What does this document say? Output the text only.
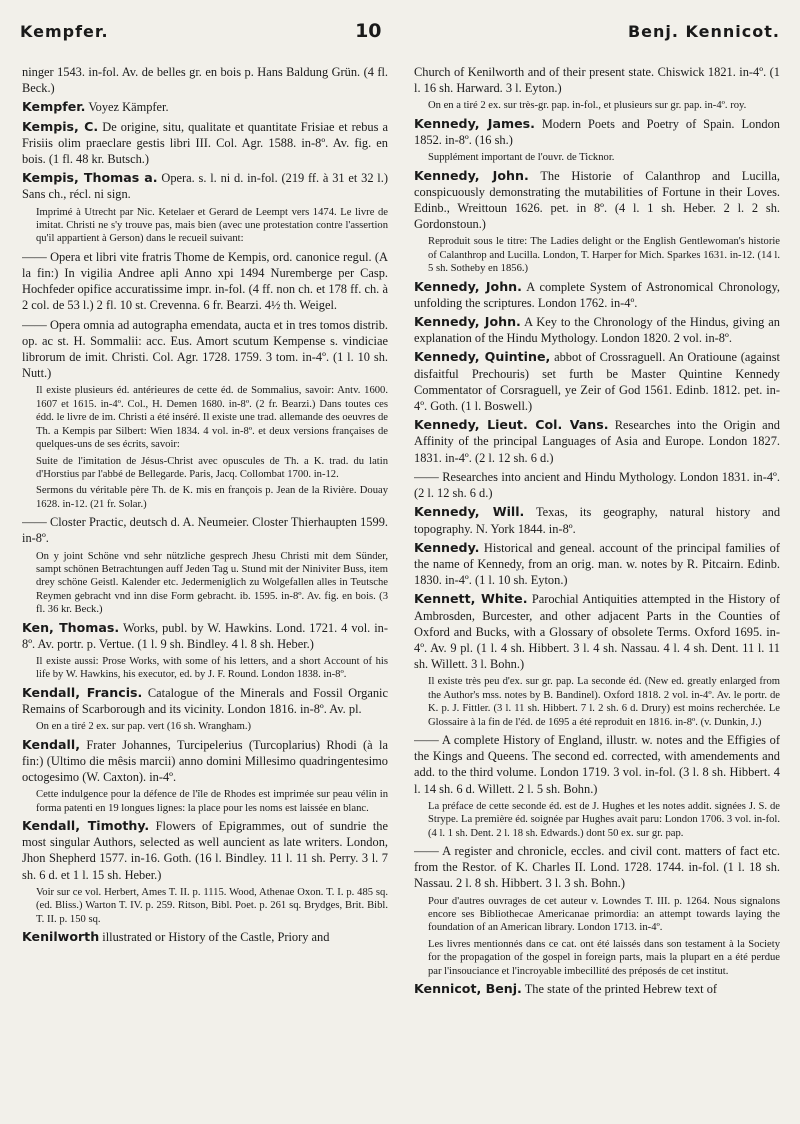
Kempfer.	10	Benj. Kennicot.

ninger 1543. in-fol. Av. de belles gr. en bois p. Hans Baldung Grün. (4 fl. Beck.)

Kempfer. Voyez Kämpfer.

Kempis, C. De origine, situ, qualitate et quantitate Frisiae et rebus a Frisiis olim praeclare gestis libri III. Col. Agr. 1588. in-8º. Av. fig. en bois. (1 fl. 48 kr. Butsch.)

Kempis, Thomas a. Opera. s. l. ni d. in-fol. (219 ff. à 31 et 32 l.) Sans ch., récl. ni sign.

Imprimé à Utrecht par Nic. Ketelaer et Gerard de Leempt vers 1474. Le livre de imitat. Christi ne s'y trouve pas, mais bien (avec une protestation contre l'assertion qu'il appartient à Gerson) dans le recueil suivant:

—— Opera et libri vite fratris Thome de Kempis, ord. canonice regul. (A la fin:) In vigilia Andree apli Anno xpi 1494 Nuremberge per Casp. Hochfeder opifice accuratissime impr. in-fol. (4 ff. non ch. et 178 ff. ch. à 2 col. de 53 l.) 2 fl. 10 st. Crevenna. 6 fr. Bearzi. 4½ th. Weigel.

—— Opera omnia ad autographa emendata, aucta et in tres tomos distrib. op. ac st. H. Sommalii: acc. Eus. Amort scutum Kempense s. vindiciae librorum de imit. Christi. Col. Agr. 1728. 1759. 3 tom. in-4º. (1 l. 10 sh. Nutt.)

Il existe plusieurs éd. antérieures de cette éd. de Sommalius, savoir: Antv. 1600. 1607 et 1615. in-4º. Col., H. Demen 1680. in-8º. (2 fr. Bearzi.) Dans toutes ces édd. le livre de im. Christi a été inséré. Il existe une trad. allemande des oeuvres de Th. a Kempis par Silbert: Wien 1834. 4 vol. in-8º. et deux versions françaises de quelques-uns de ses écrits, savoir:

Suite de l'imitation de Jésus-Christ avec opuscules de Th. a K. trad. du latin d'Horstius par l'abbé de Bellegarde. Paris, Jacq. Collombat 1700. in-12.

Sermons du véritable père Th. de K. mis en françois p. Jean de la Rivière. Douay 1628. in-12. (21 fr. Solar.)

—— Closter Practic, deutsch d. A. Neumeier. Closter Thierhaupten 1599. in-8º.

On y joint Schöne vnd sehr nützliche gesprech Jhesu Christi mit dem Sünder, sampt schönen Betrachtungen auff Jeden Tag u. Stund mit der Niniviter Buss, item drey schöne Geistl. Kalender etc. Jedermeniglich zu Wolgefallen alles in Teutsche Reymen gebracht vnd inn dise Form gebracht. ib. 1595. in-8º. Av. fig. en bois. (3 fl. 36 kr. Beck.)

Ken, Thomas. Works, publ. by W. Hawkins. Lond. 1721. 4 vol. in-8º. Av. portr. p. Vertue. (1 l. 9 sh. Bindley. 4 l. 8 sh. Heber.)

Il existe aussi: Prose Works, with some of his letters, and a short Account of his life by W. Hawkins, his executor, ed. by J. F. Round. London 1838. in-8º.

Kendall, Francis. Catalogue of the Minerals and Fossil Organic Remains of Scarborough and its vicinity. London 1816. in-8º. Av. pl.

On en a tiré 2 ex. sur pap. vert (16 sh. Wrangham.)

Kendall, Frater Johannes, Turcipelerius (Turcoplarius) Rhodi (à la fin:) (Ultimo die mêsis marcii) anno domini Millesimo quadringentesimo octogesimo (W. Caxton). in-4º.

Cette indulgence pour la défence de l'île de Rhodes est imprimée sur peau vélin in forma patenti en 19 longues lignes: la place pour les noms est laissée en blanc.

Kendall, Timothy. Flowers of Epigrammes, out of sundrie the most singular Authors, selected as well auncient as late writers. London, Jhon Shepherd 1577. in-16. Goth. (16 l. Bindley. 11 l. 11 sh. Perry. 3 l. 7 sh. 6 d. et 1 l. 15 sh. Heber.)

Voir sur ce vol. Herbert, Ames T. II. p. 1115. Wood, Athenae Oxon. T. I. p. 485 sq. (ed. Bliss.) Warton T. IV. p. 259. Ritson, Bibl. Poet. p. 261 sq. Brydges, Brit. Bibl. T. II. p. 150 sq.

Kenilworth illustrated or History of the Castle, Priory and

Church of Kenilworth and of their present state. Chiswick 1821. in-4º. (1 l. 16 sh. Harward. 3 l. Eyton.)

On en a tiré 2 ex. sur très-gr. pap. in-fol., et plusieurs sur gr. pap. in-4º. roy.

Kennedy, James. Modern Poets and Poetry of Spain. London 1852. in-8º. (16 sh.)

Supplément important de l'ouvr. de Ticknor.

Kennedy, John. The Historie of Calanthrop and Lucilla, conspicuously demonstrating the mutabilities of Fortune in their Loves. Edinb., Wreittoun 1626. pet. in 8º. (4 l. 1 sh. Heber. 2 l. 2 sh. Gordonstoun.)

Reproduit sous le titre: The Ladies delight or the English Gentlewoman's historie of Calanthrop and Lucilla. London, T. Harper for Mich. Sparkes 1631. in-12. (14 l. 5 sh. Sotheby en 1856.)

Kennedy, John. A complete System of Astronomical Chronology, unfolding the scriptures. London 1762. in-4º.

Kennedy, John. A Key to the Chronology of the Hindus, giving an explanation of the Hindu Mythology. London 1820. 2 vol. in-8º.

Kennedy, Quintine, abbot of Crossraguell. An Oratioune (against disfaitful Prechouris) set furth be Master Quintine Kennedy Commentator of Corsraguell, ye Zeir of God 1561. Edinb. 1812. pet. in-4º. Goth. (1 l. Boswell.)

Kennedy, Lieut. Col. Vans. Researches into the Origin and Affinity of the principal Languages of Asia and Europe. London 1827. 1831. in-4º. (2 l. 12 sh. 6 d.)

—— Researches into ancient and Hindu Mythology. London 1831. in-4º. (2 l. 12 sh. 6 d.)

Kennedy, Will. Texas, its geography, natural history and topography. N. York 1844. in-8º.

Kennedy. Historical and geneal. account of the principal families of the name of Kennedy, from an orig. man. w. notes by R. Pitcairn. Edinb. 1830. in-4º. (1 l. 10 sh. Eyton.)

Kennett, White. Parochial Antiquities attempted in the History of Ambrosden, Burcester, and other adjacent Parts in the Counties of Oxford and Bucks, with a Glossary of obsolete Terms. Oxford 1695. in-4º. Av. 9 pl. (1 l. 4 sh. Hibbert. 3 l. 4 sh. Nassau. 4 l. 4 sh. Dent. 11 l. 11 sh. Willett. 3 l. Bohn.)

Il existe très peu d'ex. sur gr. pap. La seconde éd. (New ed. greatly enlarged from the Author's mss. notes by B. Bandinel). Oxford 1818. 2 vol. in-4º. Av. le portr. de K. p. J. Fittler. (3 l. 11 sh. Hibbert. 7 l. 2 sh. 6 d. Drury) est moins recherchée. Le Glossaire à la fin de l'éd. de 1695 a été reproduit en 1816. in-8º. (v. Dunkin, J.)

—— A complete History of England, illustr. w. notes and the Effigies of the Kings and Queens. The second ed. corrected, with amendements and add. to the third volume. London 1719. 3 vol. in-fol. (3 l. 8 sh. Hibbert. 4 l. 14 sh. 6 d. Willett. 2 l. 5 sh. Bohn.)

La préface de cette seconde éd. est de J. Hughes et les notes addit. signées J. S. de Strype. La première éd. soignée par Hughes avait paru: London 1706. 3 vol. in-fol. (4 l. 1 sh. Dent. 2 l. 18 sh. Edwards.) dont 50 ex. sur gr. pap.

—— A register and chronicle, eccles. and civil cont. matters of fact etc. from the Restor. of K. Charles II. Lond. 1728. 1744. in-fol. (1 l. 18 sh. Nassau. 2 l. 8 sh. Hibbert. 3 l. 3 sh. Bohn.)

Pour d'autres ouvrages de cet auteur v. Lowndes T. III. p. 1264. Nous signalons encore ses Bibliothecae Americanae primordia: an attempt towards laying the foundation of an American library. London 1713. in-4º.

Les livres mentionnés dans ce cat. ont été laissés dans son testament à la Society for the propagation of the gospel in foreign parts, mais la plupart en a été perdue par l'insouciance et l'incroyable imbecillité des préposés de cet institut.

Kennicot, Benj. The state of the printed Hebrew text of
